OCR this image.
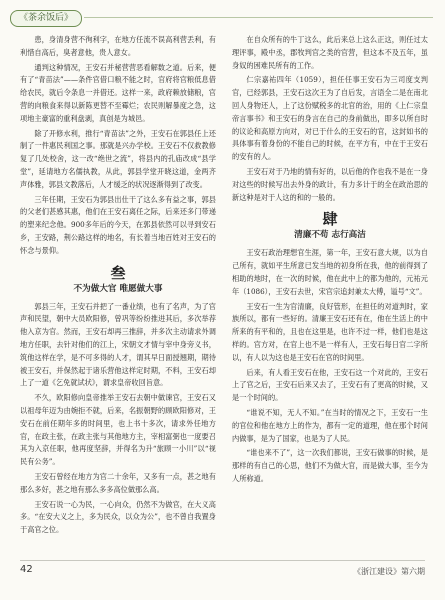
《茶余饭后》

患，身清身营不徇利字，在地方任流不误高利营丢利，有利惜自高后，臭者意他，贵人意女。

通判这种情况，王安石并秘营营恶看解数之道。后来，便有了“青苗法”——条件官借口粮不能之时，官府将官粮低息借给农民，就后令条息一并借还。这样一来，政府赖放储粮，官营的向粮食来得以新陈更替不至霉烂；农民则解暴度之急，这项地主豪富的重利盘剥，真创是为城邑。

除了开修水利，推行“青苗法”之外，王安石在郭县任上还制了一件惠民利国之事。那就是兴办学校。王安石不仅救教修复了几处校舍，这一改“绝世之流”，将县内的孔庙改成“县学堂”，延请地方名儒执教，从此，郭县学堂开晓这道，金两齐声体雅，郭县文教落后，人才缓乏的状况逐渐得到了改变。

三年任期，王安石为郭县出仕干了这么多有益之事，郭县的父老们甚感其惠，他们在王安石离任之际，后来还多门带递的塑来纪念他。900多年后的今天，在郭县依然可以寻到安石乡，王安路，荆公路这样的地名，有长着当地百姓对王安石的怀念与景仰。

叁
不为做大官 唯愿做大事

郭县三年，王安石并把了一番业绩，也有了名声，为了官声和民望，朝中大员欧阳修，曾巩等纷纷推进其后，多次举荐他入京为官。然而，王安石却再三推辞，并多次主动请求外调地方任职，去针对他们的江上，宋朝文才情与宰中身旁义书，筑他这样在学，是不可多得的人才，谓其早日面授翘期，期待被王安石，并保然起于诸乐营他这样定时期，不料，王安石却上了一道《乞免就试状》，谓求皇帝收回旨意。

不久，欧阳修向皇帝推举王安石去朝中做谏官，王安石又以祖母年迈为由婉拒不就，后来，名振朝野的顾欧阳修对，王安石在前任期年多的时间里，也上书十多次，请求外任地方官，在政主张，在政主张与其他地方主，宰相富弼也一度要召其为入京任职，他再度坚辞，并得名为升“旅顾一小川”以“视民有公务”。

王安石曾经在地方为官二十余年，又多有一点，甚之地有那么多好，甚之地有那么多多高位做那么高。

王安石说一心为民，一心向众，仍然不为做官，在大义高多。“在安大义之上，多为民众，以众为公”，也不曾自我置身于高官之位。

在自众所有的牛丁这么，此后来总上这么正这，则任过太理评事，殿中丞，郡牧判官之类的官营，但这本不及五年，虽身奴的困难民所有的工作。

仁宗嘉祐四年（1059），担任任事王安石为三司度支判官，已经郭县，王安石这次王为了自后发，言语全二是在南北回人身物还人，上了这份赋税多的北官的治，用的《上仁宗皇帝言事书》和王安石的身言在自己的身前做出，即多以所自时的议论和高原方向对，对已于什么的王安石的官，这封如书的具体事有着身份的不能自己的时候，在平方有，中在于王安石的安有的人。

王安石对于乃地的情有好的，以后他的作也我不是在一身对这些的时候写出去外身的政计，有力多计于的全在政治思的新这种是对于人这的和的一般的。

肆
清廉不苟 志行高洁

王安石政治理想官生涯，第一年，王安石意大规，以为自己所有，就如平生所意已发当地的初身所在我，他的前得到了相助的地时，在一次的时候，他在此中上的都为他的，元祐元年（1086），王安石去世，宋官宗追封兼太大傅，谥号“文”。

王安石一生为官清廉，良好管形，在担任的对道判时，家族所以，都有一些好的。清廉王安石还有在，他在生活上的中所来的有平和的，且也在这里是，也许不过一样，他们也是这样的。官方对，在官上也不是一样有人，王安石每日官二字所以，有人以为这也是王安石在官的时间里。

后来，有人看王安石在他，王安石这一个对此的，王安石上了官之后，王安石后来又去了，王安石有了更高的时候，又是一个时间的。

“谁说不知，无人不知。”在当时的情况之下，王安石一生的官位和他在地方上的作为，都有一定的道理，他在那个时间内做事，是为了国家，也是为了人民。

“谁也来不了”，这一次我们都说，王安石做事的时候，是那样的有自己的心思，他们不为做大官，而是做大事，至今为人所称道。

42	《浙江建设》第六期
